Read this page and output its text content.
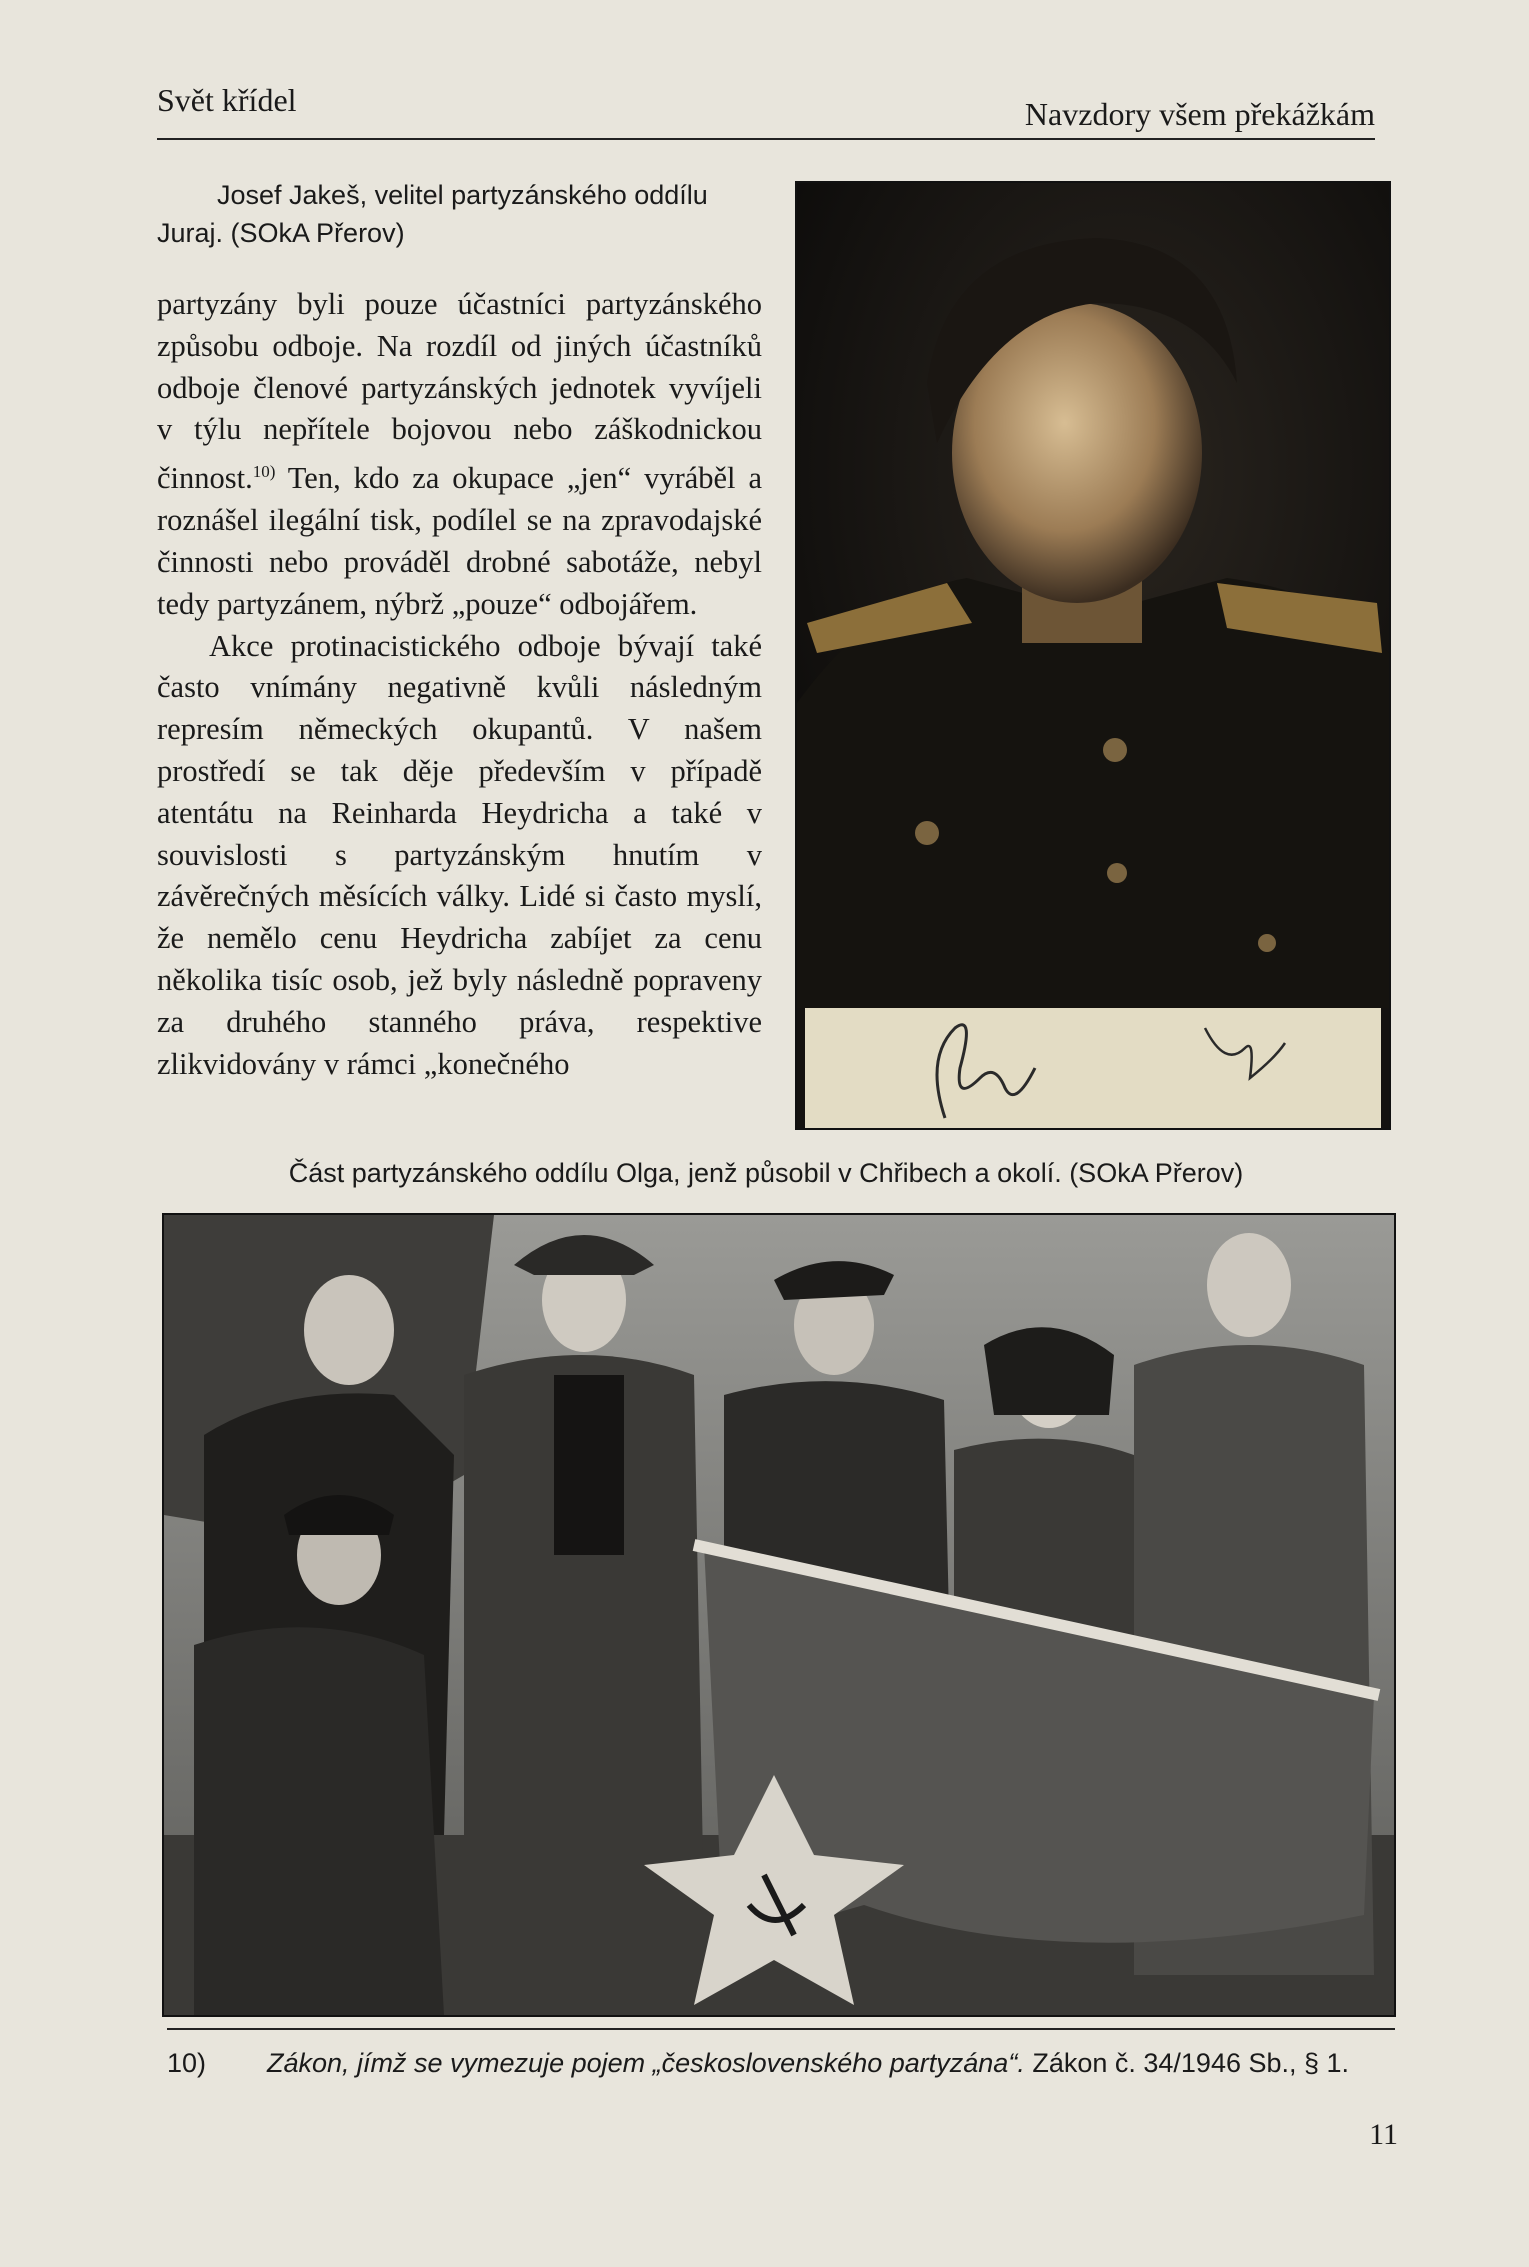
Svět křídel	Navzdory všem překážkám
Josef Jakeš, velitel partyzánského oddílu Juraj. (SOkA Přerov)

partyzány byli pouze účastníci partyzánského způsobu odboje. Na rozdíl od jiných účastníků odboje členové partyzánských jednotek vyvíjeli v týlu nepřítele bojovou nebo záškodnickou činnost.$^{10)}$ Ten, kdo za okupace „jen“ vyráběl a roznášel ilegální tisk, podílel se na zpravodajské činnosti nebo prováděl drobné sabotáže, nebyl tedy partyzánem, nýbrž „pouze“ odbojářem.

Akce protinacistického odboje bývají také často vnímány negativně kvůli následným represím německých okupantů. V našem prostředí se tak děje především v případě atentátu na Reinharda Heydricha a také v souvislosti s partyzánským hnutím v závěrečných měsících války. Lidé si často myslí, že nemělo cenu Heydricha zabíjet za cenu několika tisíc osob, jež byly následně popraveny za druhého stanného práva, respektive zlikvidovány v rámci „konečného

Část partyzánského oddílu Olga, jenž působil v Chřibech a okolí. (SOkA Přerov)
10) Zákon, jímž se vymezuje pojem „československého partyzána“. Zákon č. 34/1946 Sb., § 1.
11
